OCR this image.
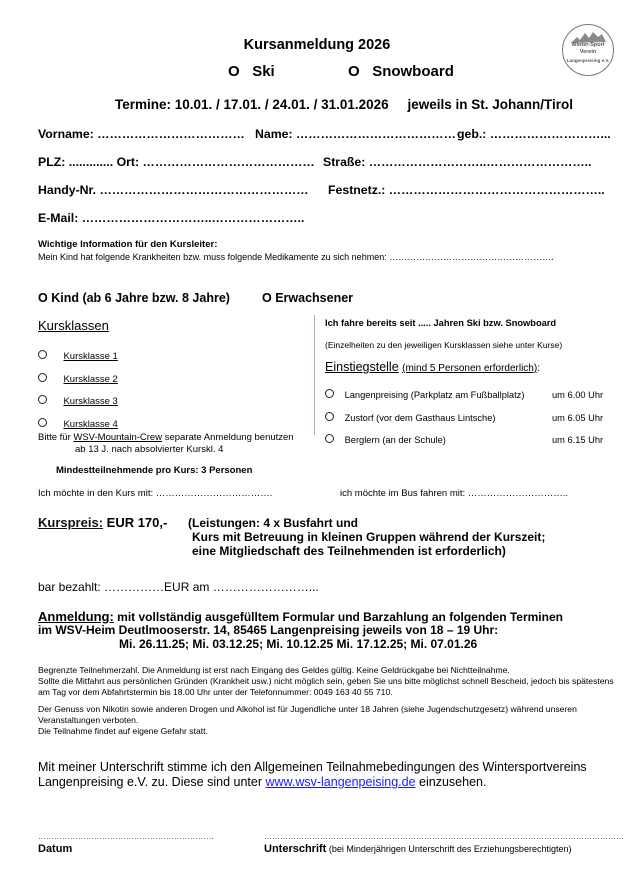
Kursanmeldung 2026
O Ski	O Snowboard
Winter-Sport
Verein
Langenpreising e.V.
Termine: 10.01. / 17.01. / 24.01. / 31.01.2026 jeweils in St. Johann/Tirol
Vorname: ……………………………… Name: ………………………………… geb.: ………………………...
PLZ: ............. Ort: …………………………………… Straße: ………………………..……………………..
Handy-Nr. …………………………………………… Festnetz.: ……………………………………………..
E-Mail: …………………………..…………………..
Wichtige Information für den Kursleiter:
Mein Kind hat folgende Krankheiten bzw. muss folgende Medikamente zu sich nehmen: ……………………………………………….
O Kind (ab 6 Jahre bzw. 8 Jahre)	O Erwachsener
Kursklassen
Kursklasse 1
Kursklasse 2
Kursklasse 3
Kursklasse 4
Bitte für WSV-Mountain-Crew separate Anmeldung benutzen
ab 13 J. nach absolvierter Kurskl. 4
Mindestteilnehmende pro Kurs: 3 Personen
Ich fahre bereits seit ..... Jahren Ski bzw. Snowboard
(Einzelheiten zu den jeweiligen Kursklassen siehe unter Kurse)
Einstiegstelle (mind 5 Personen erforderlich):
Langenpreising (Parkplatz am Fußballplatz)	um 6.00 Uhr
Zustorf (vor dem Gasthaus Lintsche)	um 6.05 Uhr
Berglern (an der Schule)	um 6.15 Uhr
Ich möchte in den Kurs mit: ……………………………….	ich möchte im Bus fahren mit: …………………………..
Kurspreis: EUR 170,- (Leistungen: 4 x Busfahrt und
Kurs mit Betreuung in kleinen Gruppen während der Kurszeit;
eine Mitgliedschaft des Teilnehmenden ist erforderlich)
bar bezahlt: ……………EUR am ……………………...
Anmeldung: mit vollständig ausgefülltem Formular und Barzahlung an folgenden Terminen
im WSV-Heim Deutlmooserstr. 14, 85465 Langenpreising jeweils von 18 – 19 Uhr:
Mi. 26.11.25; Mi. 03.12.25; Mi. 10.12.25 Mi. 17.12.25; Mi. 07.01.26
Begrenzte Teilnehmerzahl. Die Anmeldung ist erst nach Eingang des Geldes gültig. Keine Geldrückgabe bei Nichtteilnahme.
Sollte die Mitfahrt aus persönlichen Gründen (Krankheit usw.) nicht möglich sein, geben Sie uns bitte möglichst schnell Bescheid, jedoch bis spätestens
am Tag vor dem Abfahrtstermin bis 18.00 Uhr unter der Telefonnummer: 0049 163 40 55 710.
Der Genuss von Nikotin sowie anderen Drogen und Alkohol ist für Jugendliche unter 18 Jahren (siehe Jugendschutzgesetz) während unseren
Veranstaltungen verboten.
Die Teilnahme findet auf eigene Gefahr statt.
Mit meiner Unterschrift stimme ich den Allgemeinen Teilnahmebedingungen des Wintersportvereins
Langenpreising e.V. zu. Diese sind unter www.wsv-langenpeising.de einzusehen.
…………………………………………………………
Datum
………………………………………………………………………………………………………………………
Unterschrift (bei Minderjährigen Unterschrift des Erziehungsberechtigten)
